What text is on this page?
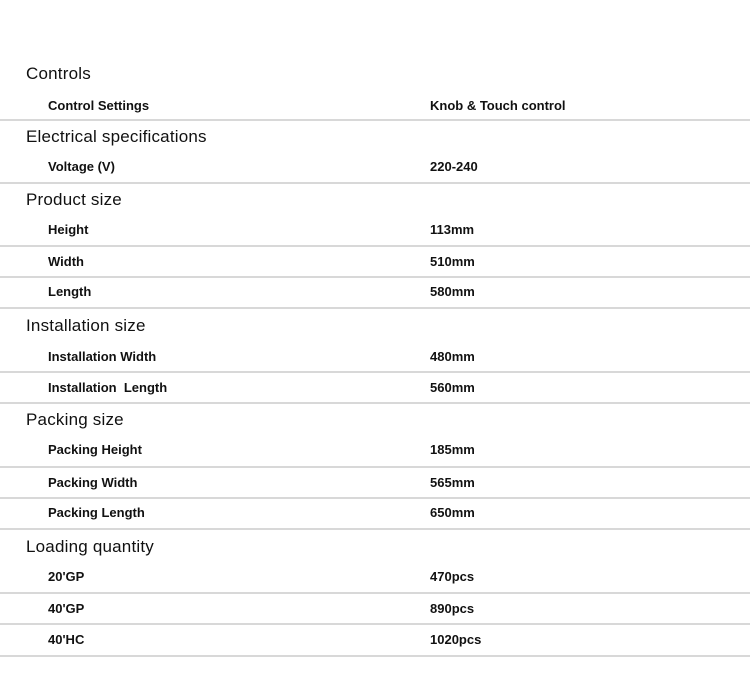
Controls
Control Settings	Knob & Touch control
Electrical specifications
Voltage (V)	220-240
Product size
Height	113mm
Width	510mm
Length	580mm
Installation size
Installation Width	480mm
Installation  Length	560mm
Packing size
Packing Height	185mm
Packing Width	565mm
Packing Length	650mm
Loading quantity
20'GP	470pcs
40'GP	890pcs
40'HC	1020pcs
